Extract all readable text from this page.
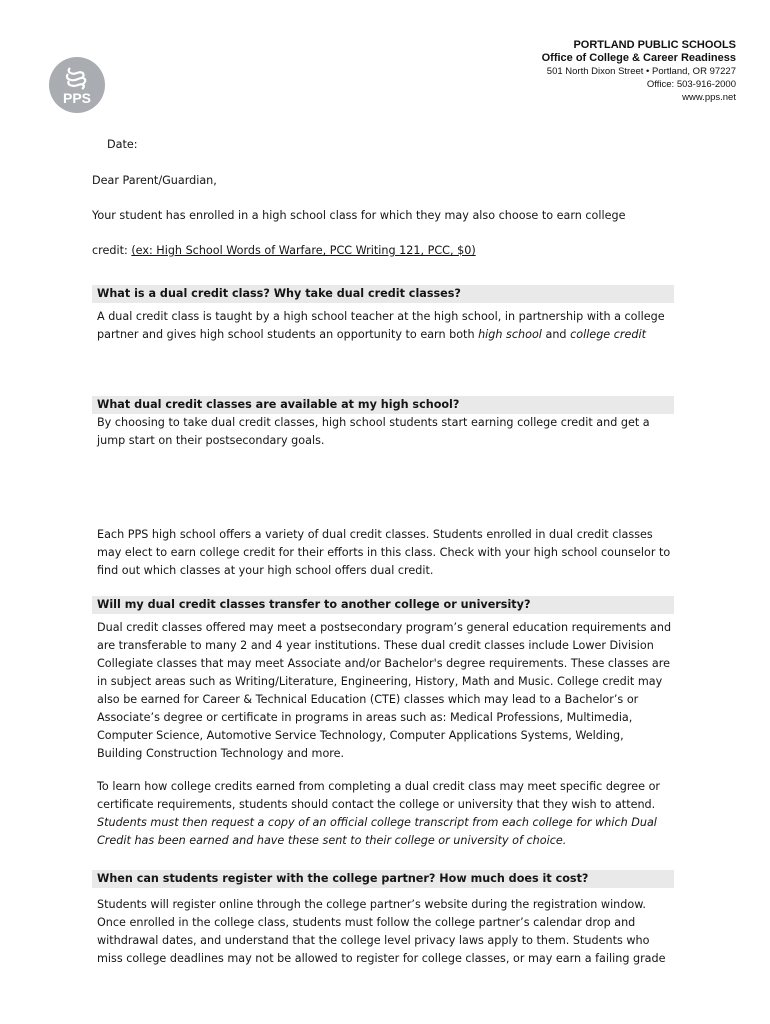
PPS
PORTLAND PUBLIC SCHOOLS
Office of College & Career Readiness
501 North Dixon Street • Portland, OR 97227
Office: 503-916-2000
www.pps.net
Date:
Dear Parent/Guardian,
Your student has enrolled in a high school class for which they may also choose to earn college
credit: (ex: High School Words of Warfare, PCC Writing 121, PCC, $0)
What is a dual credit class? Why take dual credit classes?
A dual credit class is taught by a high school teacher at the high school, in partnership with a college
partner and gives high school students an opportunity to earn both high school and college credit
What dual credit classes are available at my high school?
By choosing to take dual credit classes, high school students start earning college credit and get a
jump start on their postsecondary goals.
Each PPS high school offers a variety of dual credit classes. Students enrolled in dual credit classes
may elect to earn college credit for their efforts in this class. Check with your high school counselor to
find out which classes at your high school offers dual credit.
Will my dual credit classes transfer to another college or university?
Dual credit classes offered may meet a postsecondary program’s general education requirements and
are transferable to many 2 and 4 year institutions. These dual credit classes include Lower Division
Collegiate classes that may meet Associate and/or Bachelor's degree requirements. These classes are
in subject areas such as Writing/Literature, Engineering, History, Math and Music. College credit may
also be earned for Career & Technical Education (CTE) classes which may lead to a Bachelor’s or
Associate’s degree or certificate in programs in areas such as: Medical Professions, Multimedia,
Computer Science, Automotive Service Technology, Computer Applications Systems, Welding,
Building Construction Technology and more.
To learn how college credits earned from completing a dual credit class may meet specific degree or
certificate requirements, students should contact the college or university that they wish to attend.
Students must then request a copy of an official college transcript from each college for which Dual
Credit has been earned and have these sent to their college or university of choice.
When can students register with the college partner? How much does it cost?
Students will register online through the college partner’s website during the registration window.
Once enrolled in the college class, students must follow the college partner’s calendar drop and
withdrawal dates, and understand that the college level privacy laws apply to them. Students who
miss college deadlines may not be allowed to register for college classes, or may earn a failing grade
